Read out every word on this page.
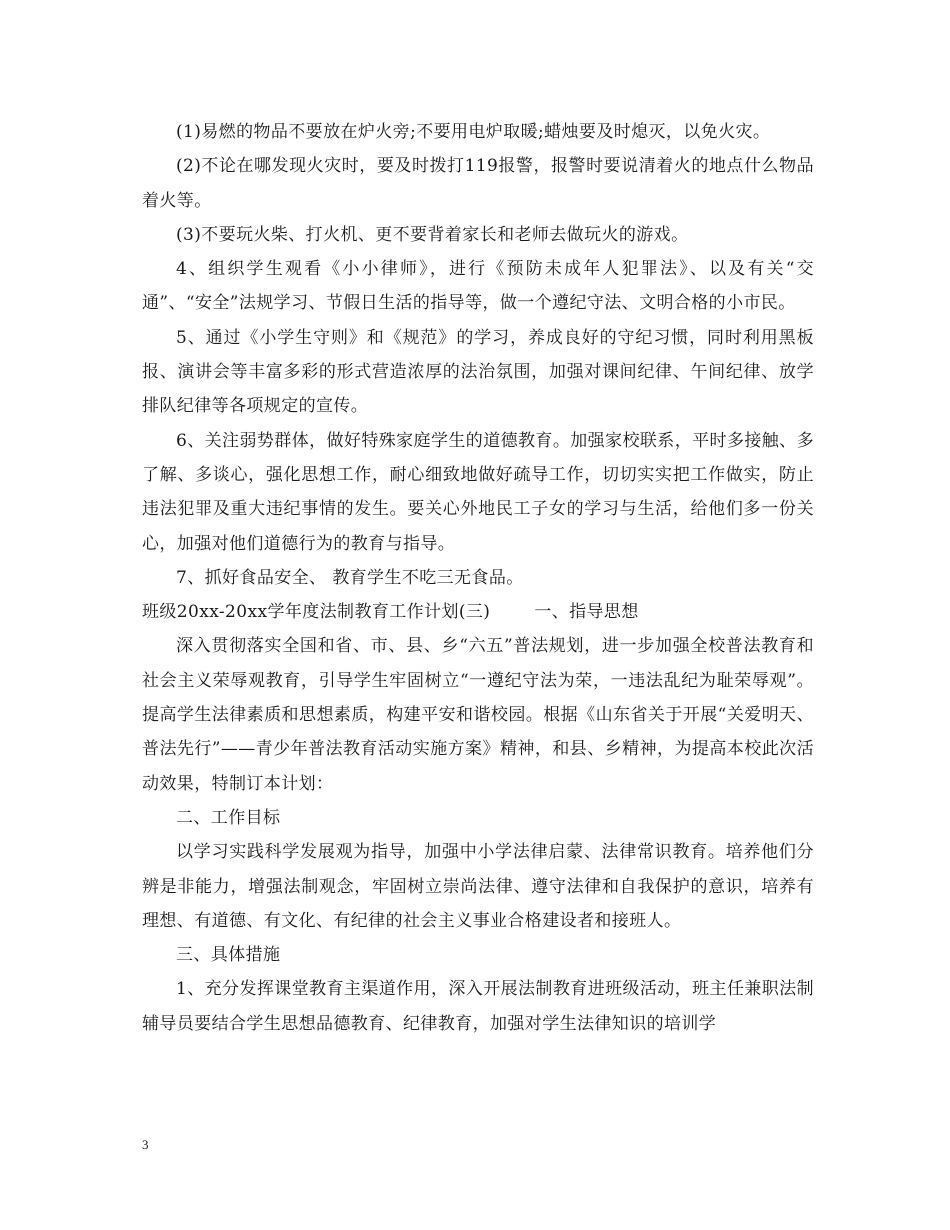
(1)易燃的物品不要放在炉火旁;不要用电炉取暖;蜡烛要及时熄灭，以免火灾。

(2)不论在哪发现火灾时，要及时拨打119报警，报警时要说清着火的地点什么物品着火等。

(3)不要玩火柴、打火机、更不要背着家长和老师去做玩火的游戏。

4、组织学生观看《小小律师》，进行《预防未成年人犯罪法》、以及有关“交通”、“安全”法规学习、节假日生活的指导等，做一个遵纪守法、文明合格的小市民。

5、通过《小学生守则》和《规范》的学习，养成良好的守纪习惯，同时利用黑板报、演讲会等丰富多彩的形式营造浓厚的法治氛围，加强对课间纪律、午间纪律、放学排队纪律等各项规定的宣传。

6、关注弱势群体，做好特殊家庭学生的道德教育。加强家校联系，平时多接触、多了解、多谈心，强化思想工作，耐心细致地做好疏导工作，切切实实把工作做实，防止违法犯罪及重大违纪事情的发生。要关心外地民工子女的学习与生活，给他们多一份关心，加强对他们道德行为的教育与指导。

7、抓好食品安全、 教育学生不吃三无食品。

班级20xx-20xx学年度法制教育工作计划(三)	一、指导思想

深入贯彻落实全国和省、市、县、乡“六五”普法规划，进一步加强全校普法教育和社会主义荣辱观教育，引导学生牢固树立“一遵纪守法为荣，一违法乱纪为耻荣辱观”。提高学生法律素质和思想素质，构建平安和谐校园。根据《山东省关于开展“关爱明天、普法先行”——青少年普法教育活动实施方案》精神，和县、乡精神，为提高本校此次活动效果，特制订本计划：

二、工作目标

以学习实践科学发展观为指导，加强中小学法律启蒙、法律常识教育。培养他们分辨是非能力，增强法制观念，牢固树立崇尚法律、遵守法律和自我保护的意识，培养有理想、有道德、有文化、有纪律的社会主义事业合格建设者和接班人。

三、具体措施

1、充分发挥课堂教育主渠道作用，深入开展法制教育进班级活动，班主任兼职法制辅导员要结合学生思想品德教育、纪律教育，加强对学生法律知识的培训学

3
